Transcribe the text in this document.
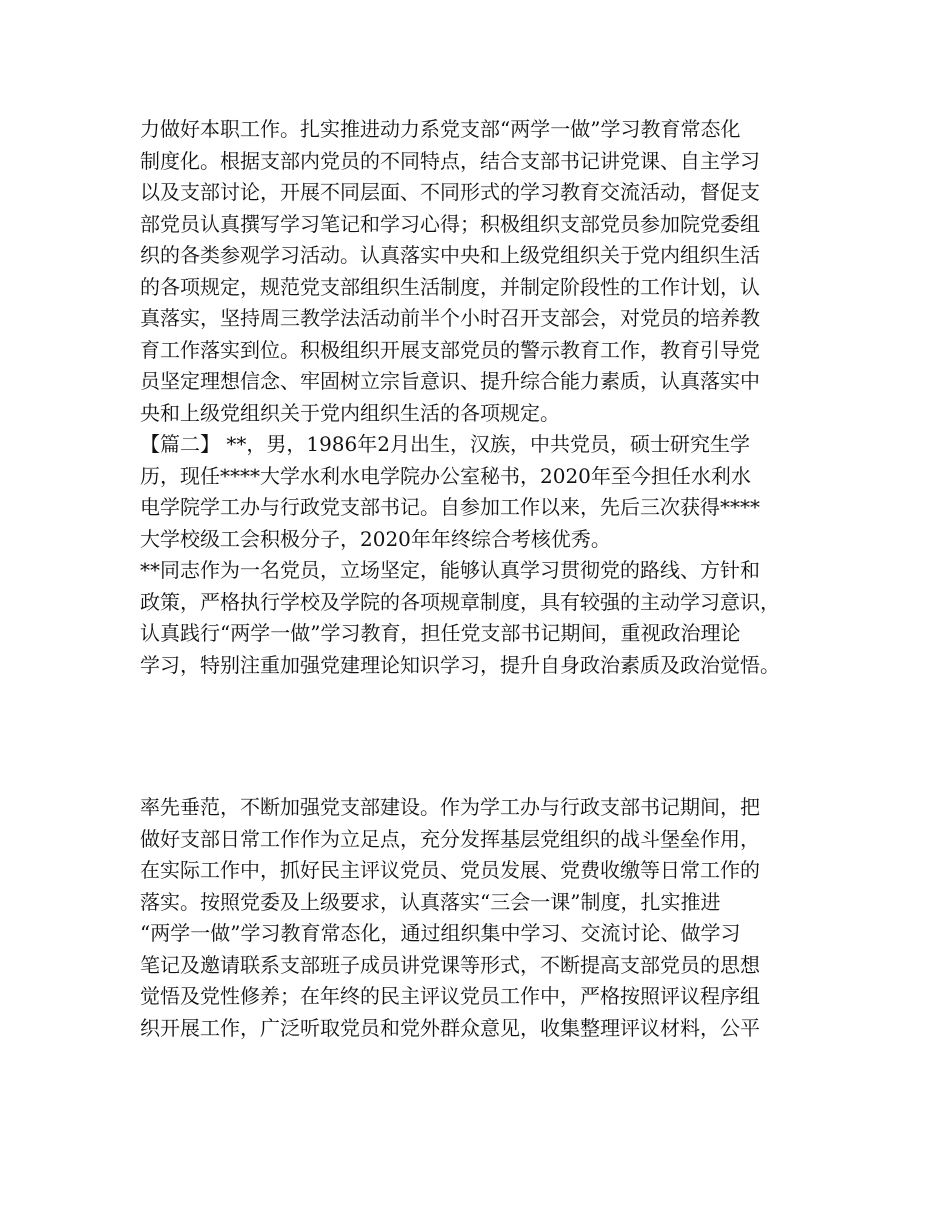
力做好本职工作。扎实推进动力系党支部“两学一做”学习教育常态化
制度化。根据支部内党员的不同特点，结合支部书记讲党课、自主学习
以及支部讨论，开展不同层面、不同形式的学习教育交流活动，督促支
部党员认真撰写学习笔记和学习心得；积极组织支部党员参加院党委组
织的各类参观学习活动。认真落实中央和上级党组织关于党内组织生活
的各项规定，规范党支部组织生活制度，并制定阶段性的工作计划，认
真落实，坚持周三教学法活动前半个小时召开支部会，对党员的培养教
育工作落实到位。积极组织开展支部党员的警示教育工作，教育引导党
员坚定理想信念、牢固树立宗旨意识、提升综合能力素质，认真落实中
央和上级党组织关于党内组织生活的各项规定。
【篇二】 **，男，1986年2月出生，汉族，中共党员，硕士研究生学
历，现任****大学水利水电学院办公室秘书，2020年至今担任水利水
电学院学工办与行政党支部书记。自参加工作以来，先后三次获得****
大学校级工会积极分子，2020年年终综合考核优秀。
**同志作为一名党员，立场坚定，能够认真学习贯彻党的路线、方针和
政策，严格执行学校及学院的各项规章制度，具有较强的主动学习意识，
认真践行“两学一做”学习教育，担任党支部书记期间，重视政治理论
学习，特别注重加强党建理论知识学习，提升自身政治素质及政治觉悟。
率先垂范，不断加强党支部建设。作为学工办与行政支部书记期间，把
做好支部日常工作作为立足点，充分发挥基层党组织的战斗堡垒作用，
在实际工作中，抓好民主评议党员、党员发展、党费收缴等日常工作的
落实。按照党委及上级要求，认真落实“三会一课”制度，扎实推进
“两学一做”学习教育常态化，通过组织集中学习、交流讨论、做学习
笔记及邀请联系支部班子成员讲党课等形式，不断提高支部党员的思想
觉悟及党性修养；在年终的民主评议党员工作中，严格按照评议程序组
织开展工作，广泛听取党员和党外群众意见，收集整理评议材料，公平
